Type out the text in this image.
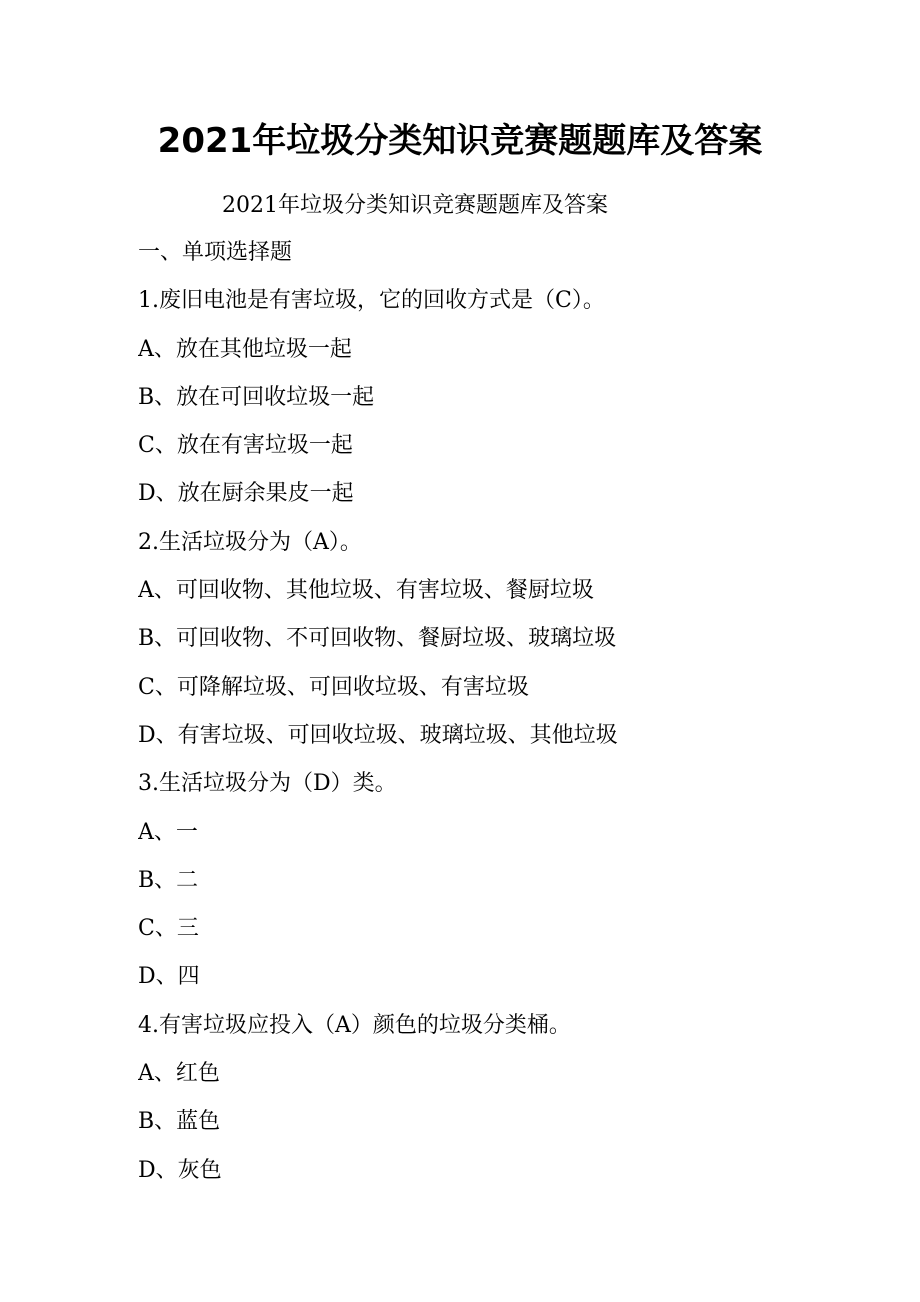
2021年垃圾分类知识竞赛题题库及答案
2021年垃圾分类知识竞赛题题库及答案
一、单项选择题
1.废旧电池是有害垃圾，它的回收方式是（C）。
A、放在其他垃圾一起
B、放在可回收垃圾一起
C、放在有害垃圾一起
D、放在厨余果皮一起
2.生活垃圾分为（A）。
A、可回收物、其他垃圾、有害垃圾、餐厨垃圾
B、可回收物、不可回收物、餐厨垃圾、玻璃垃圾
C、可降解垃圾、可回收垃圾、有害垃圾
D、有害垃圾、可回收垃圾、玻璃垃圾、其他垃圾
3.生活垃圾分为（D）类。
A、一
B、二
C、三
D、四
4.有害垃圾应投入（A）颜色的垃圾分类桶。
A、红色
B、蓝色
D、灰色
